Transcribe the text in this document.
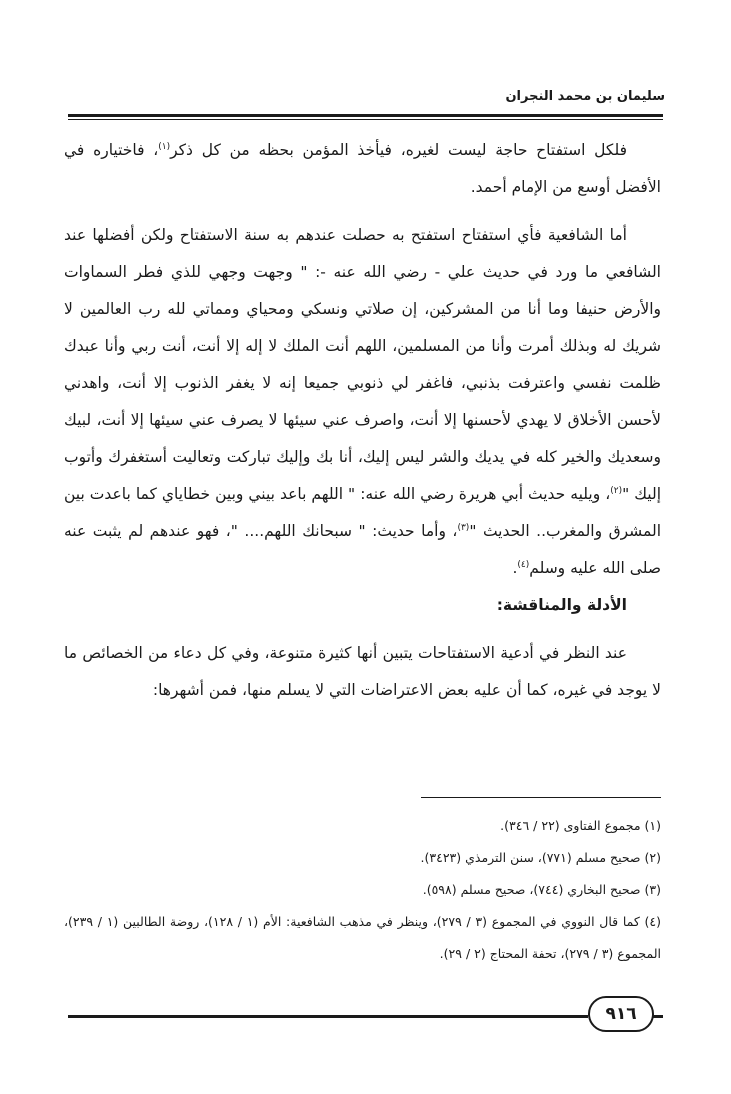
سليمان بن محمد النجران

فلكل استفتاح حاجة ليست لغيره، فيأخذ المؤمن بحظه من كل ذكر$^{(١)}$، فاختياره في الأفضل أوسع من الإمام أحمد.

أما الشافعية فأي استفتاح استفتح به حصلت عندهم به سنة الاستفتاح ولكن أفضلها عند الشافعي ما ورد في حديث علي - رضي الله عنه -: " وجهت وجهي للذي فطر السماوات والأرض حنيفا وما أنا من المشركين، إن صلاتي ونسكي ومحياي ومماتي لله رب العالمين لا شريك له وبذلك أمرت وأنا من المسلمين، اللهم أنت الملك لا إله إلا أنت، أنت ربي وأنا عبدك ظلمت نفسي واعترفت بذنبي، فاغفر لي ذنوبي جميعا إنه لا يغفر الذنوب إلا أنت، واهدني لأحسن الأخلاق لا يهدي لأحسنها إلا أنت، واصرف عني سيئها لا يصرف عني سيئها إلا أنت، لبيك وسعديك والخير كله في يديك والشر ليس إليك، أنا بك وإليك تباركت وتعاليت أستغفرك وأتوب إليك "$^{(٢)}$، ويليه حديث أبي هريرة رضي الله عنه: " اللهم باعد بيني وبين خطاياي كما باعدت بين المشرق والمغرب.. الحديث "$^{(٣)}$، وأما حديث: " سبحانك اللهم.... "، فهو عندهم لم يثبت عنه صلى الله عليه وسلم$^{(٤)}$.

الأدلة والمناقشة:

عند النظر في أدعية الاستفتاحات يتبين أنها كثيرة متنوعة، وفي كل دعاء من الخصائص ما لا يوجد في غيره، كما أن عليه بعض الاعتراضات التي لا يسلم منها، فمن أشهرها:

(١) مجموع الفتاوى (٢٢ / ٣٤٦).

(٢) صحيح مسلم (٧٧١)، سنن الترمذي (٣٤٢٣).

(٣) صحيح البخاري (٧٤٤)، صحيح مسلم (٥٩٨).

(٤) كما قال النووي في المجموع (٣ / ٢٧٩)، وينظر في مذهب الشافعية: الأم (١ / ١٢٨)، روضة الطالبين (١ / ٢٣٩)، المجموع (٣ / ٢٧٩)، تحفة المحتاج (٢ / ٢٩).

٩١٦
